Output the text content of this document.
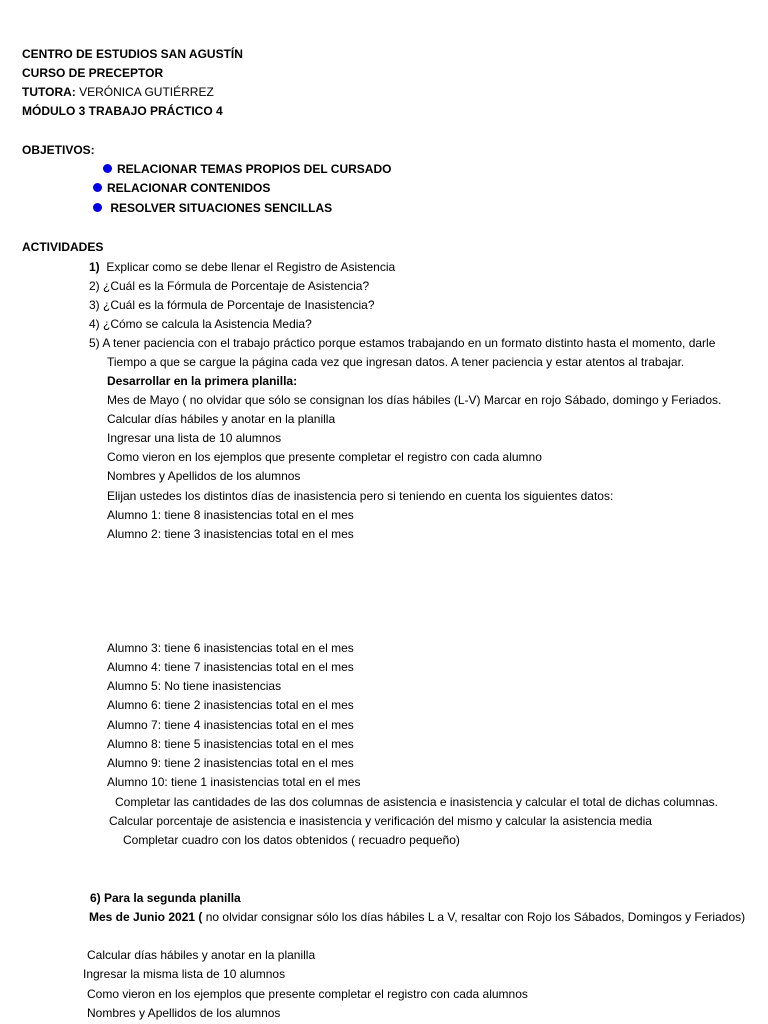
CENTRO DE ESTUDIOS SAN AGUSTÍN
CURSO DE PRECEPTOR
TUTORA: VERÓNICA GUTIÉRREZ
MÓDULO 3 TRABAJO PRÁCTICO 4
OBJETIVOS:
RELACIONAR TEMAS PROPIOS DEL CURSADO
RELACIONAR CONTENIDOS
RESOLVER SITUACIONES SENCILLAS
ACTIVIDADES
1) Explicar como se debe llenar el Registro de Asistencia
2) ¿Cuál es la Fórmula de Porcentaje de Asistencia?
3) ¿Cuál es la fórmula de Porcentaje de Inasistencia?
4) ¿Cómo se calcula la Asistencia Media?
5) A tener paciencia con el trabajo práctico porque estamos trabajando en un formato distinto hasta el momento, darle
Tiempo a que se cargue la página cada vez que ingresan datos. A tener paciencia y estar atentos al trabajar.
Desarrollar en la primera planilla:
Mes de Mayo ( no olvidar que sólo se consignan los días hábiles (L-V) Marcar en rojo Sábado, domingo y Feriados.
Calcular días hábiles y anotar en la planilla
Ingresar una lista de 10 alumnos
Como vieron en los ejemplos que presente completar el registro con cada alumno
Nombres y Apellidos de los alumnos
Elijan ustedes los distintos días de inasistencia pero si teniendo en cuenta los siguientes datos:
Alumno 1: tiene 8 inasistencias total en el mes
Alumno 2: tiene 3 inasistencias total en el mes
Alumno 3: tiene 6 inasistencias total en el mes
Alumno 4: tiene 7 inasistencias total en el mes
Alumno 5: No tiene inasistencias
Alumno 6: tiene 2 inasistencias total en el mes
Alumno 7: tiene 4 inasistencias total en el mes
Alumno 8: tiene 5 inasistencias total en el mes
Alumno 9: tiene 2 inasistencias total en el mes
Alumno 10: tiene 1 inasistencias total en el mes
Completar las cantidades de las dos columnas de asistencia e inasistencia y calcular el total de dichas columnas.
Calcular porcentaje de asistencia e inasistencia y verificación del mismo y calcular la asistencia media
Completar cuadro con los datos obtenidos ( recuadro pequeño)
6) Para la segunda planilla
Mes de Junio 2021 ( no olvidar consignar sólo los días hábiles L a V, resaltar con Rojo los Sábados, Domingos y Feriados)
Calcular días hábiles y anotar en la planilla
Ingresar la misma lista de 10 alumnos
Como vieron en los ejemplos que presente completar el registro con cada alumnos
Nombres y Apellidos de los alumnos
